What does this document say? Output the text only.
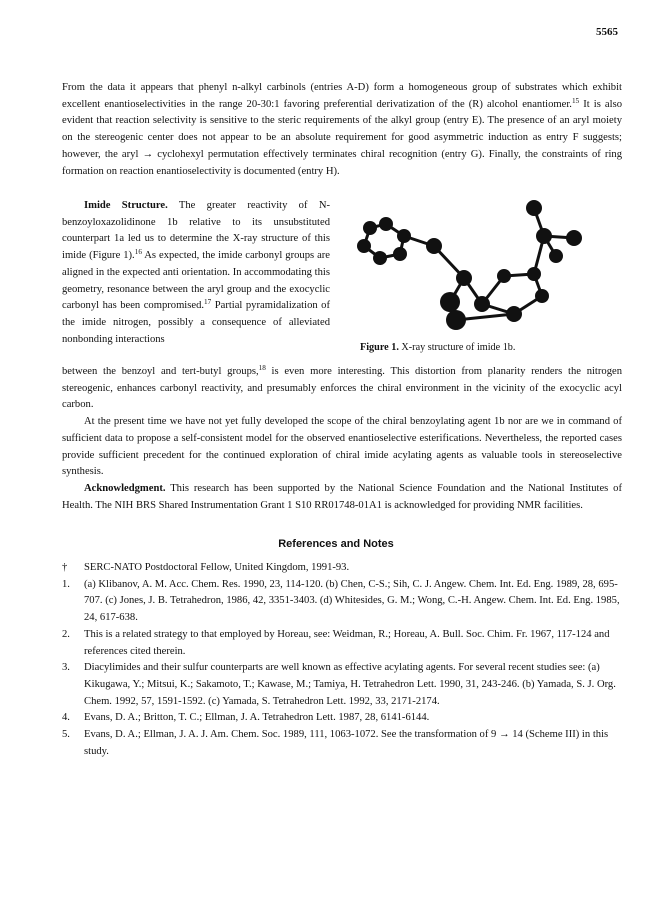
5565

From the data it appears that phenyl n-alkyl carbinols (entries A-D) form a homogeneous group of substrates which exhibit excellent enantioselectivities in the range 20-30:1 favoring preferential derivatization of the (R) alcohol enantiomer.$^{15}$ It is also evident that reaction selectivity is sensitive to the steric requirements of the alkyl group (entry E). The presence of an aryl moiety on the stereogenic center does not appear to be an absolute requirement for good asymmetric induction as entry F suggests; however, the aryl → cyclohexyl permutation effectively terminates chiral recognition (entry G). Finally, the constraints of ring formation on reaction enantioselectivity is documented (entry H).

Imide Structure. The greater reactivity of N-benzoyloxazolidinone 1b relative to its unsubstituted counterpart 1a led us to determine the X-ray structure of this imide (Figure 1).$^{16}$ As expected, the imide carbonyl groups are aligned in the expected anti orientation. In accommodating this geometry, resonance between the aryl group and the exocyclic carbonyl has been compromised.$^{17}$ Partial pyramidalization of the imide nitrogen, possibly a consequence of alleviated nonbonding interactions

Figure 1. X-ray structure of imide 1b.

between the benzoyl and tert-butyl groups,$^{18}$ is even more interesting. This distortion from planarity renders the nitrogen stereogenic, enhances carbonyl reactivity, and presumably enforces the chiral environment in the vicinity of the exocyclic acyl carbon.

At the present time we have not yet fully developed the scope of the chiral benzoylating agent 1b nor are we in command of sufficient data to propose a self-consistent model for the observed enantioselective esterifications. Nevertheless, the reported cases provide sufficient precedent for the continued exploration of chiral imide acylating agents as valuable tools in stereoselective synthesis.

Acknowledgment. This research has been supported by the National Science Foundation and the National Institutes of Health. The NIH BRS Shared Instrumentation Grant 1 S10 RR01748-01A1 is acknowledged for providing NMR facilities.

References and Notes
†	SERC-NATO Postdoctoral Fellow, United Kingdom, 1991-93.
1.	(a) Klibanov, A. M. Acc. Chem. Res. 1990, 23, 114-120. (b) Chen, C-S.; Sih, C. J. Angew. Chem. Int. Ed. Eng. 1989, 28, 695-707. (c) Jones, J. B. Tetrahedron, 1986, 42, 3351-3403. (d) Whitesides, G. M.; Wong, C.-H. Angew. Chem. Int. Ed. Eng. 1985, 24, 617-638.
2.	This is a related strategy to that employed by Horeau, see: Weidman, R.; Horeau, A. Bull. Soc. Chim. Fr. 1967, 117-124 and references cited therein.
3.	Diacylimides and their sulfur counterparts are well known as effective acylating agents. For several recent studies see: (a) Kikugawa, Y.; Mitsui, K.; Sakamoto, T.; Kawase, M.; Tamiya, H. Tetrahedron Lett. 1990, 31, 243-246. (b) Yamada, S. J. Org. Chem. 1992, 57, 1591-1592. (c) Yamada, S. Tetrahedron Lett. 1992, 33, 2171-2174.
4.	Evans, D. A.; Britton, T. C.; Ellman, J. A. Tetrahedron Lett. 1987, 28, 6141-6144.
5.	Evans, D. A.; Ellman, J. A. J. Am. Chem. Soc. 1989, 111, 1063-1072. See the transformation of 9 → 14 (Scheme III) in this study.
